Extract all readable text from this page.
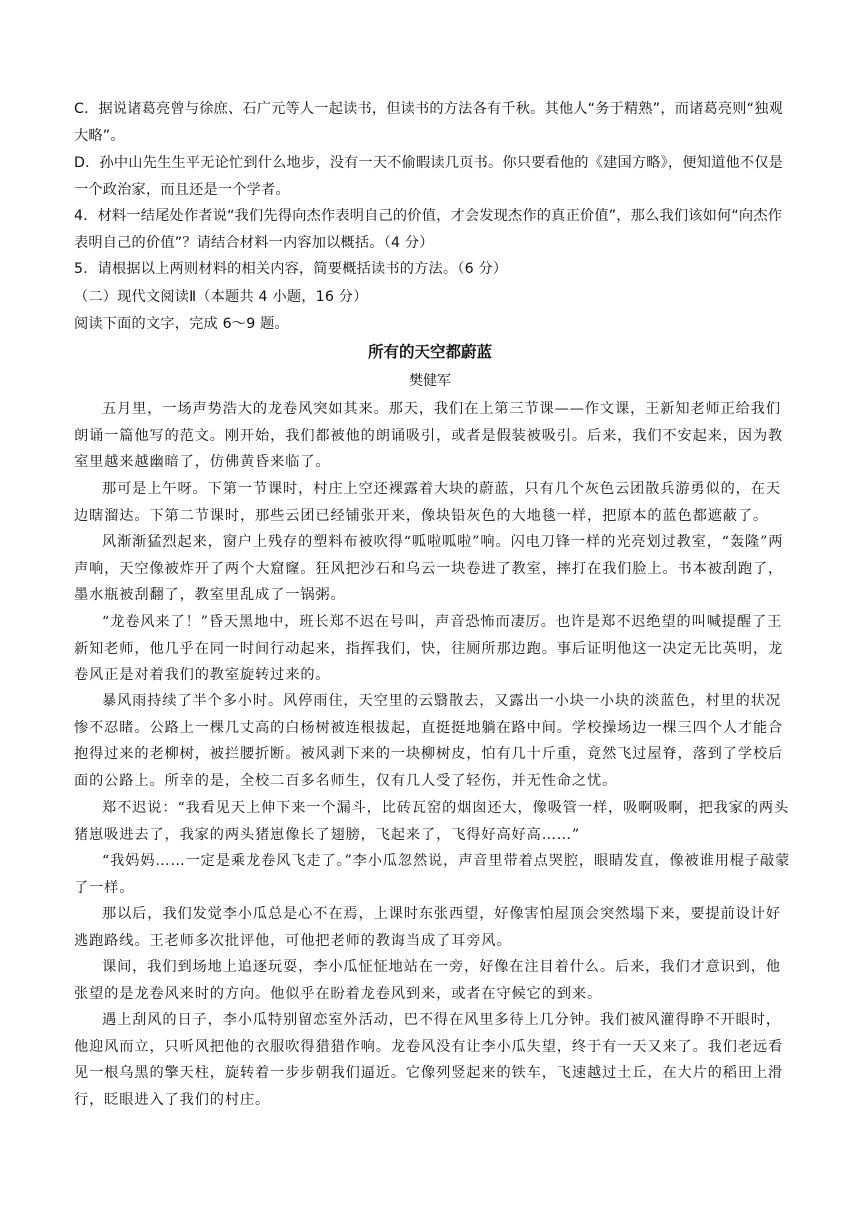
C．据说诸葛亮曾与徐庶、石广元等人一起读书，但读书的方法各有千秋。其他人“务于精熟”，而诸葛亮则“独观大略”。
D．孙中山先生生平无论忙到什么地步，没有一天不偷暇读几页书。你只要看他的《建国方略》，便知道他不仅是一个政治家，而且还是一个学者。
4．材料一结尾处作者说“我们先得向杰作表明自己的价值，才会发现杰作的真正价值”，那么我们该如何“向杰作表明自己的价值”？请结合材料一内容加以概括。（4 分）
5．请根据以上两则材料的相关内容，简要概括读书的方法。（6 分）
（二）现代文阅读Ⅱ（本题共 4 小题，16 分）
阅读下面的文字，完成 6～9 题。
所有的天空都蔚蓝
樊健军
五月里，一场声势浩大的龙卷风突如其来。那天，我们在上第三节课——作文课，王新知老师正给我们朗诵一篇他写的范文。刚开始，我们都被他的朗诵吸引，或者是假装被吸引。后来，我们不安起来，因为教室里越来越幽暗了，仿佛黄昏来临了。
那可是上午呀。下第一节课时，村庄上空还裸露着大块的蔚蓝，只有几个灰色云团散兵游勇似的，在天边瞎溜达。下第二节课时，那些云团已经铺张开来，像块铅灰色的大地毯一样，把原本的蓝色都遮蔽了。
风渐渐猛烈起来，窗户上残存的塑料布被吹得“呱啦呱啦”响。闪电刀锋一样的光亮划过教室，“轰隆”两声响，天空像被炸开了两个大窟窿。狂风把沙石和乌云一块卷进了教室，摔打在我们脸上。书本被刮跑了，墨水瓶被刮翻了，教室里乱成了一锅粥。
“龙卷风来了！”昏天黑地中，班长郑不迟在号叫，声音恐怖而凄厉。也许是郑不迟绝望的叫喊提醒了王新知老师，他几乎在同一时间行动起来，指挥我们，快，往厕所那边跑。事后证明他这一决定无比英明，龙卷风正是对着我们的教室旋转过来的。
暴风雨持续了半个多小时。风停雨住，天空里的云翳散去，又露出一小块一小块的淡蓝色，村里的状况惨不忍睹。公路上一棵几丈高的白杨树被连根拔起，直挺挺地躺在路中间。学校操场边一棵三四个人才能合抱得过来的老柳树，被拦腰折断。被风剥下来的一块柳树皮，怕有几十斤重，竟然飞过屋脊，落到了学校后面的公路上。所幸的是，全校二百多名师生，仅有几人受了轻伤，并无性命之忧。
郑不迟说：“我看见天上伸下来一个漏斗，比砖瓦窑的烟囱还大，像吸管一样，吸啊吸啊，把我家的两头猪崽吸进去了，我家的两头猪崽像长了翅膀，飞起来了，飞得好高好高……”
“我妈妈……一定是乘龙卷风飞走了。”李小瓜忽然说，声音里带着点哭腔，眼睛发直，像被谁用棍子敲蒙了一样。
那以后，我们发觉李小瓜总是心不在焉，上课时东张西望，好像害怕屋顶会突然塌下来，要提前设计好逃跑路线。王老师多次批评他，可他把老师的教诲当成了耳旁风。
课间，我们到场地上追逐玩耍，李小瓜怔怔地站在一旁，好像在注目着什么。后来，我们才意识到，他张望的是龙卷风来时的方向。他似乎在盼着龙卷风到来，或者在守候它的到来。
遇上刮风的日子，李小瓜特别留恋室外活动，巴不得在风里多待上几分钟。我们被风灌得睁不开眼时，他迎风而立，只听风把他的衣服吹得猎猎作响。龙卷风没有让李小瓜失望，终于有一天又来了。我们老远看见一根乌黑的擎天柱，旋转着一步步朝我们逼近。它像列竖起来的铁车，飞速越过土丘，在大片的稻田上滑行，眨眼进入了我们的村庄。
